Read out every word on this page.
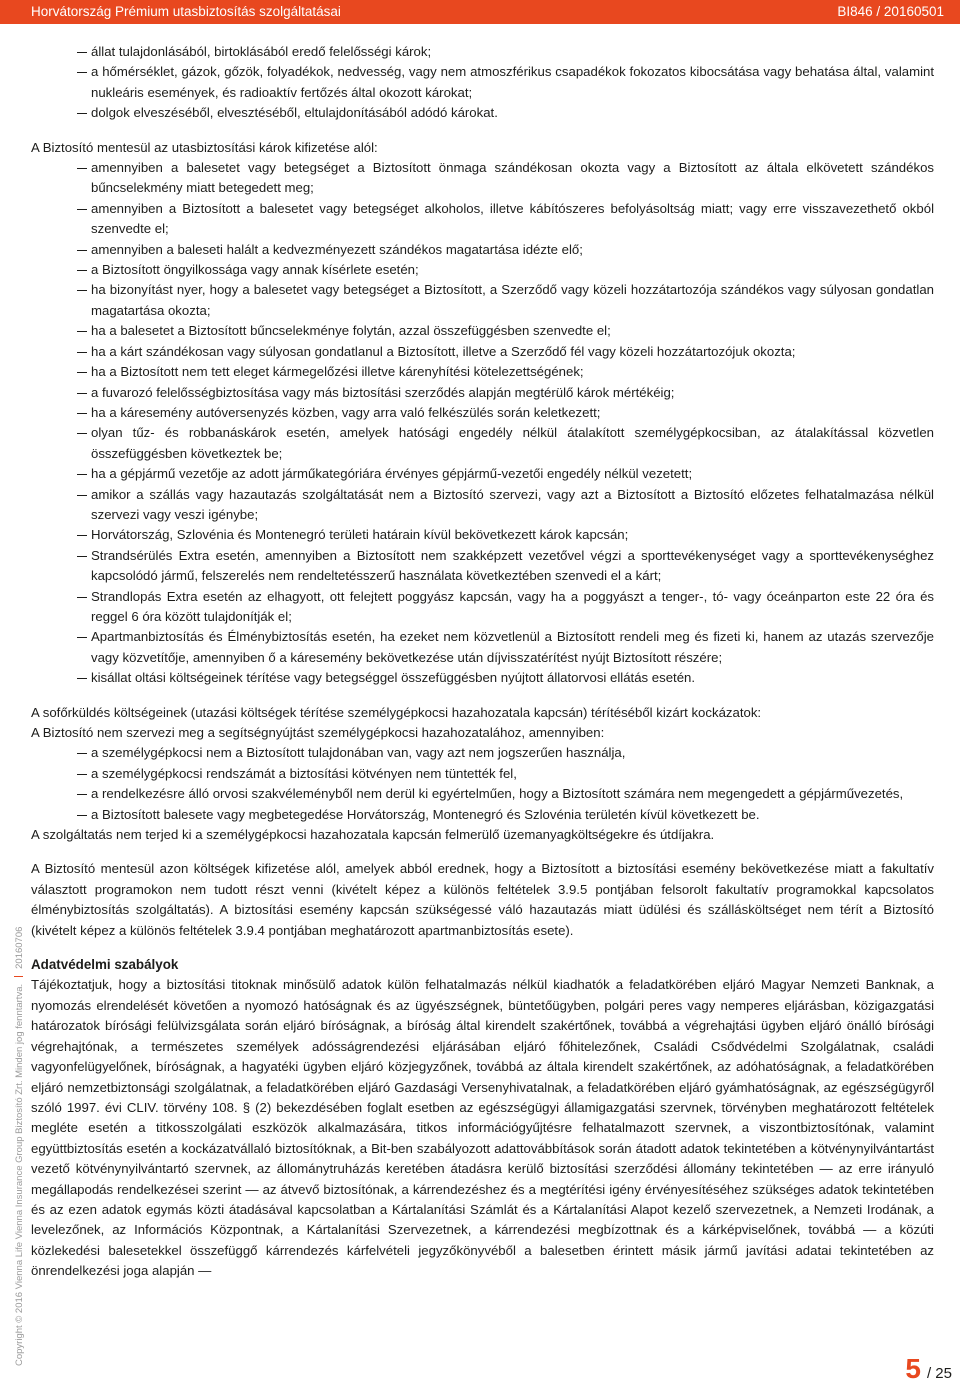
Horvátország Prémium utasbiztosítás szolgáltatásai	BI846 / 20160501
Copyright © 2016 Vienna Life Vienna Insurance Group Biztosító Zrt. Minden jog fenntartva.20160706
állat tulajdonlásából, birtoklásából eredő felelősségi károk;
a hőmérséklet, gázok, gőzök, folyadékok, nedvesség, vagy nem atmoszférikus csapadékok fokozatos kibocsátása vagy behatása által, valamint nukleáris események, és radioaktív fertőzés által okozott károkat;
dolgok elveszéséből, elvesztéséből, eltulajdonításából adódó károkat.

A Biztosító mentesül az utasbiztosítási károk kifizetése alól:

amennyiben a balesetet vagy betegséget a Biztosított önmaga szándékosan okozta vagy a Biztosított az általa elkövetett szándékos bűncselekmény miatt betegedett meg;
amennyiben a Biztosított a balesetet vagy betegséget alkoholos, illetve kábítószeres befolyásoltság miatt; vagy erre visszavezethető okból szenvedte el;
amennyiben a baleseti halált a kedvezményezett szándékos magatartása idézte elő;
a Biztosított öngyilkossága vagy annak kísérlete esetén;
ha bizonyítást nyer, hogy a balesetet vagy betegséget a Biztosított, a Szerződő vagy közeli hozzátartozója szándékos vagy súlyosan gondatlan magatartása okozta;
ha a balesetet a Biztosított bűncselekménye folytán, azzal összefüggésben szenvedte el;
ha a kárt szándékosan vagy súlyosan gondatlanul a Biztosított, illetve a Szerződő fél vagy közeli hozzátartozójuk okozta;
ha a Biztosított nem tett eleget kármegelőzési illetve kárenyhítési kötelezettségének;
a fuvarozó felelősségbiztosítása vagy más biztosítási szerződés alapján megtérülő károk mértékéig;
ha a káresemény autóversenyzés közben, vagy arra való felkészülés során keletkezett;
olyan tűz- és robbanáskárok esetén, amelyek hatósági engedély nélkül átalakított személygépkocsiban, az átalakítással közvetlen összefüggésben következtek be;
ha a gépjármű vezetője az adott járműkategóriára érvényes gépjármű-vezetői engedély nélkül vezetett;
amikor a szállás vagy hazautazás szolgáltatását nem a Biztosító szervezi, vagy azt a Biztosított a Biztosító előzetes felhatalmazása nélkül szervezi vagy veszi igénybe;
Horvátország, Szlovénia és Montenegró területi határain kívül bekövetkezett károk kapcsán;
Strandsérülés Extra esetén, amennyiben a Biztosított nem szakképzett vezetővel végzi a sporttevékenységet vagy a sporttevékenységhez kapcsolódó jármű, felszerelés nem rendeltetésszerű használata következtében szenvedi el a kárt;
Strandlopás Extra esetén az elhagyott, ott felejtett poggyász kapcsán, vagy ha a poggyászt a tenger-, tó- vagy óceánparton este 22 óra és reggel 6 óra között tulajdonítják el;
Apartmanbiztosítás és Élménybiztosítás esetén, ha ezeket nem közvetlenül a Biztosított rendeli meg és fizeti ki, hanem az utazás szervezője vagy közvetítője, amennyiben ő a káresemény bekövetkezése után díjvisszatérítést nyújt Biztosított részére;
kisállat oltási költségeinek térítése vagy betegséggel összefüggésben nyújtott állatorvosi ellátás esetén.

A sofőrküldés költségeinek (utazási költségek térítése személygépkocsi hazahozatala kapcsán) térítéséből kizárt kockázatok:

A Biztosító nem szervezi meg a segítségnyújtást személygépkocsi hazahozatalához, amennyiben:

a személygépkocsi nem a Biztosított tulajdonában van, vagy azt nem jogszerűen használja,
a személygépkocsi rendszámát a biztosítási kötvényen nem tüntették fel,
a rendelkezésre álló orvosi szakvéleményből nem derül ki egyértelműen, hogy a Biztosított számára nem megengedett a gépjárművezetés,
a Biztosított balesete vagy megbetegedése Horvátország, Montenegró és Szlovénia területén kívül következett be.

A szolgáltatás nem terjed ki a személygépkocsi hazahozatala kapcsán felmerülő üzemanyagköltségekre és útdíjakra.

A Biztosító mentesül azon költségek kifizetése alól, amelyek abból erednek, hogy a Biztosított a biztosítási esemény bekövetkezése miatt a fakultatív választott programokon nem tudott részt venni (kivételt képez a különös feltételek 3.9.5 pontjában felsorolt fakultatív programokkal kapcsolatos élménybiztosítás szolgáltatás). A biztosítási esemény kapcsán szükségessé váló hazautazás miatt üdülési és szállásköltséget nem térít a Biztosító (kivételt képez a különös feltételek 3.9.4 pontjában meghatározott apartmanbiztosítás esete).

Adatvédelmi szabályok

Tájékoztatjuk, hogy a biztosítási titoknak minősülő adatok külön felhatalmazás nélkül kiadhatók a feladatkörében eljáró Magyar Nemzeti Banknak, a nyomozás elrendelését követően a nyomozó hatóságnak és az ügyészségnek, büntetőügyben, polgári peres vagy nemperes eljárásban, közigazgatási határozatok bírósági felülvizsgálata során eljáró bíróságnak, a bíróság által kirendelt szakértőnek, továbbá a végrehajtási ügyben eljáró önálló bírósági végrehajtónak, a természetes személyek adósságrendezési eljárásában eljáró főhitelezőnek, Családi Csődvédelmi Szolgálatnak, családi vagyonfelügyelőnek, bíróságnak, a hagyatéki ügyben eljáró közjegyzőnek, továbbá az általa kirendelt szakértőnek, az adóhatóságnak, a feladatkörében eljáró nemzetbiztonsági szolgálatnak, a feladatkörében eljáró Gazdasági Versenyhivatalnak, a feladatkörében eljáró gyámhatóságnak, az egészségügyről szóló 1997. évi CLIV. törvény 108. § (2) bekezdésében foglalt esetben az egészségügyi államigazgatási szervnek, törvényben meghatározott feltételek megléte esetén a titkosszolgálati eszközök alkalmazására, titkos információgyűjtésre felhatalmazott szervnek, a viszontbiztosítónak, valamint együttbiztosítás esetén a kockázatvállaló biztosítóknak, a Bit-ben szabályozott adattovábbítások során átadott adatok tekintetében a kötvénynyilvántartást vezető kötvénynyilvántartó szervnek, az állománytruházás keretében átadásra kerülő biztosítási szerződési állomány tekintetében — az erre irányuló megállapodás rendelkezései szerint — az átvevő biztosítónak, a kárrendezéshez és a megtérítési igény érvényesítéséhez szükséges adatok tekintetében és az ezen adatok egymás közti átadásával kapcsolatban a Kártalanítási Számlát és a Kártalanítási Alapot kezelő szervezetnek, a Nemzeti Irodának, a levelezőnek, az Információs Központnak, a Kártalanítási Szervezetnek, a kárrendezési megbízottnak és a kárképviselőnek, továbbá — a közúti közlekedési balesetekkel összefüggő kárrendezés kárfelvételi jegyzőkönyvéből a balesetben érintett másik jármű javítási adatai tekintetében az önrendelkezési joga alapján —

5 / 25
